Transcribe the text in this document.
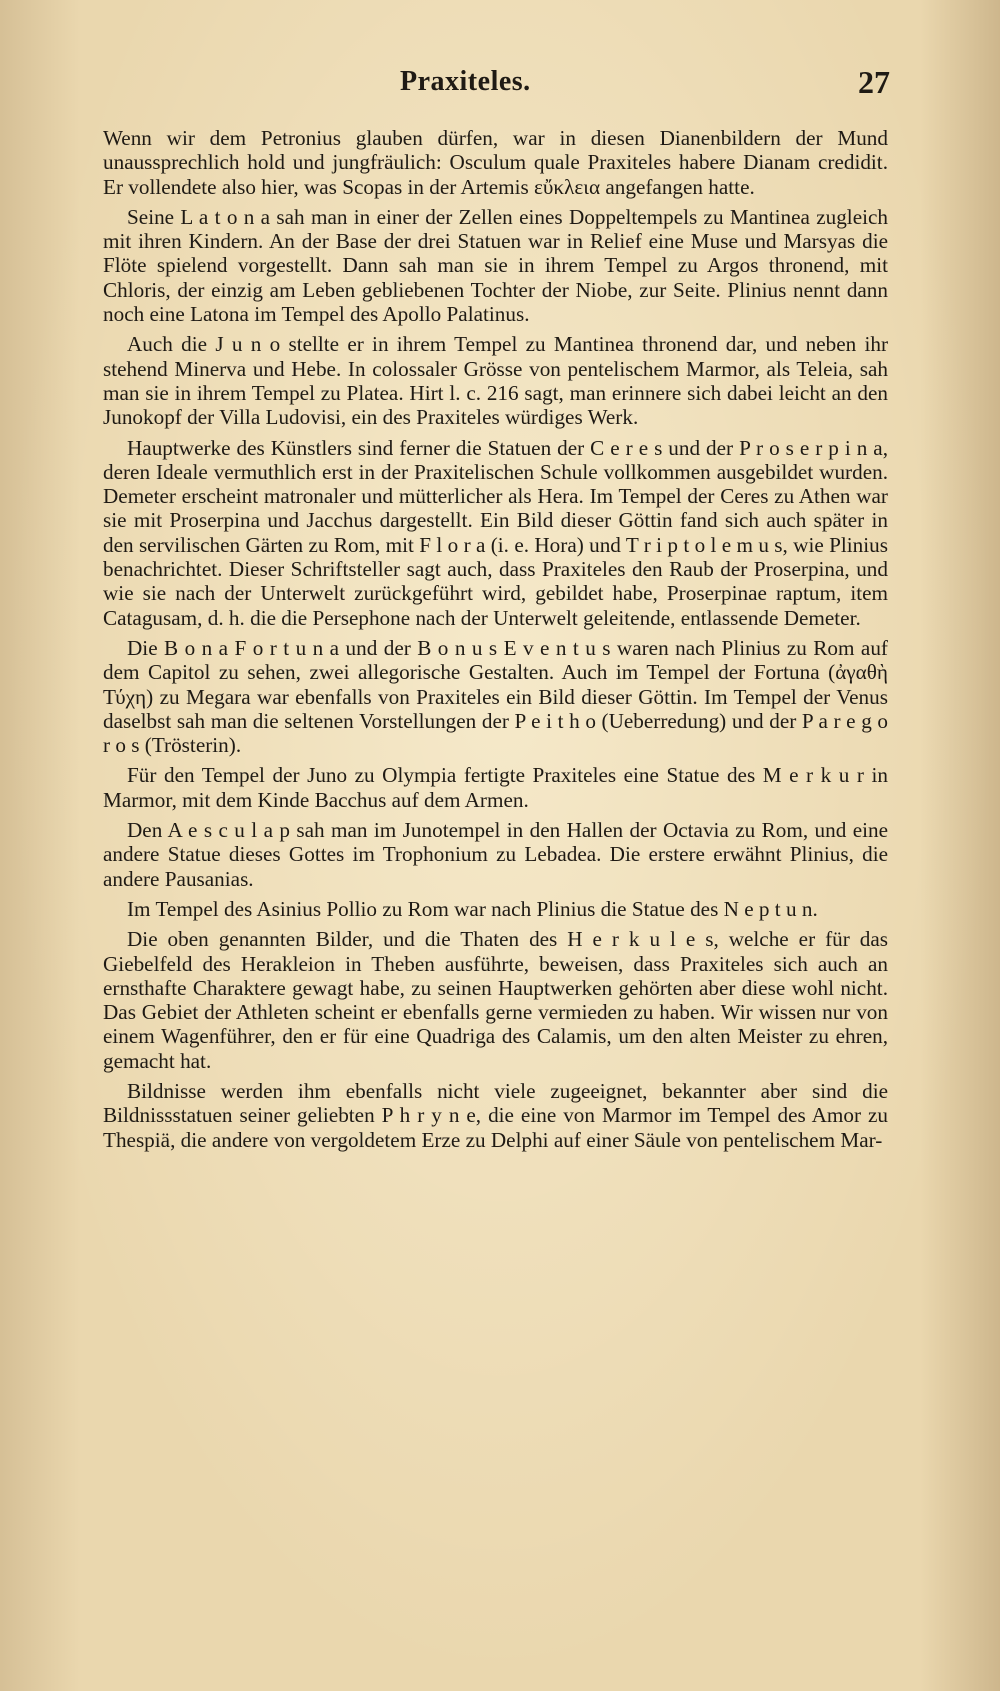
Praxiteles.	27

Wenn wir dem Petronius glauben dürfen, war in diesen Dianenbildern der Mund unaussprechlich hold und jungfräulich: Osculum quale Praxiteles habere Dianam credidit. Er vollendete also hier, was Scopas in der Artemis εὔκλεια angefangen hatte.

Seine L a t o n a sah man in einer der Zellen eines Doppeltempels zu Mantinea zugleich mit ihren Kindern. An der Base der drei Statuen war in Relief eine Muse und Marsyas die Flöte spielend vorgestellt. Dann sah man sie in ihrem Tempel zu Argos thronend, mit Chloris, der einzig am Leben gebliebenen Tochter der Niobe, zur Seite. Plinius nennt dann noch eine Latona im Tempel des Apollo Palatinus.

Auch die J u n o stellte er in ihrem Tempel zu Mantinea thronend dar, und neben ihr stehend Minerva und Hebe. In colossaler Grösse von pentelischem Marmor, als Teleia, sah man sie in ihrem Tempel zu Platea. Hirt l. c. 216 sagt, man erinnere sich dabei leicht an den Junokopf der Villa Ludovisi, ein des Praxiteles würdiges Werk.

Hauptwerke des Künstlers sind ferner die Statuen der C e r e s und der P r o s e r p i n a, deren Ideale vermuthlich erst in der Praxitelischen Schule vollkommen ausgebildet wurden. Demeter erscheint matronaler und mütterlicher als Hera. Im Tempel der Ceres zu Athen war sie mit Proserpina und Jacchus dargestellt. Ein Bild dieser Göttin fand sich auch später in den servilischen Gärten zu Rom, mit F l o r a (i. e. Hora) und T r i p t o l e m u s, wie Plinius benachrichtet. Dieser Schriftsteller sagt auch, dass Praxiteles den Raub der Proserpina, und wie sie nach der Unterwelt zurückgeführt wird, gebildet habe, Proserpinae raptum, item Catagusam, d. h. die die Persephone nach der Unterwelt geleitende, entlassende Demeter.

Die B o n a F o r t u n a und der B o n u s E v e n t u s waren nach Plinius zu Rom auf dem Capitol zu sehen, zwei allegorische Gestalten. Auch im Tempel der Fortuna (ἀγαθὴ Τύχη) zu Megara war ebenfalls von Praxiteles ein Bild dieser Göttin. Im Tempel der Venus daselbst sah man die seltenen Vorstellungen der P e i t h o (Ueberredung) und der P a r e g o r o s (Trösterin).

Für den Tempel der Juno zu Olympia fertigte Praxiteles eine Statue des M e r k u r in Marmor, mit dem Kinde Bacchus auf dem Armen.

Den A e s c u l a p sah man im Junotempel in den Hallen der Octavia zu Rom, und eine andere Statue dieses Gottes im Trophonium zu Lebadea. Die erstere erwähnt Plinius, die andere Pausanias.

Im Tempel des Asinius Pollio zu Rom war nach Plinius die Statue des N e p t u n.

Die oben genannten Bilder, und die Thaten des H e r k u l e s, welche er für das Giebelfeld des Herakleion in Theben ausführte, beweisen, dass Praxiteles sich auch an ernsthafte Charaktere gewagt habe, zu seinen Hauptwerken gehörten aber diese wohl nicht. Das Gebiet der Athleten scheint er ebenfalls gerne vermieden zu haben. Wir wissen nur von einem Wagenführer, den er für eine Quadriga des Calamis, um den alten Meister zu ehren, gemacht hat.

Bildnisse werden ihm ebenfalls nicht viele zugeeignet, bekannter aber sind die Bildnissstatuen seiner geliebten P h r y n e, die eine von Marmor im Tempel des Amor zu Thespiä, die andere von vergoldetem Erze zu Delphi auf einer Säule von pentelischem Mar-
